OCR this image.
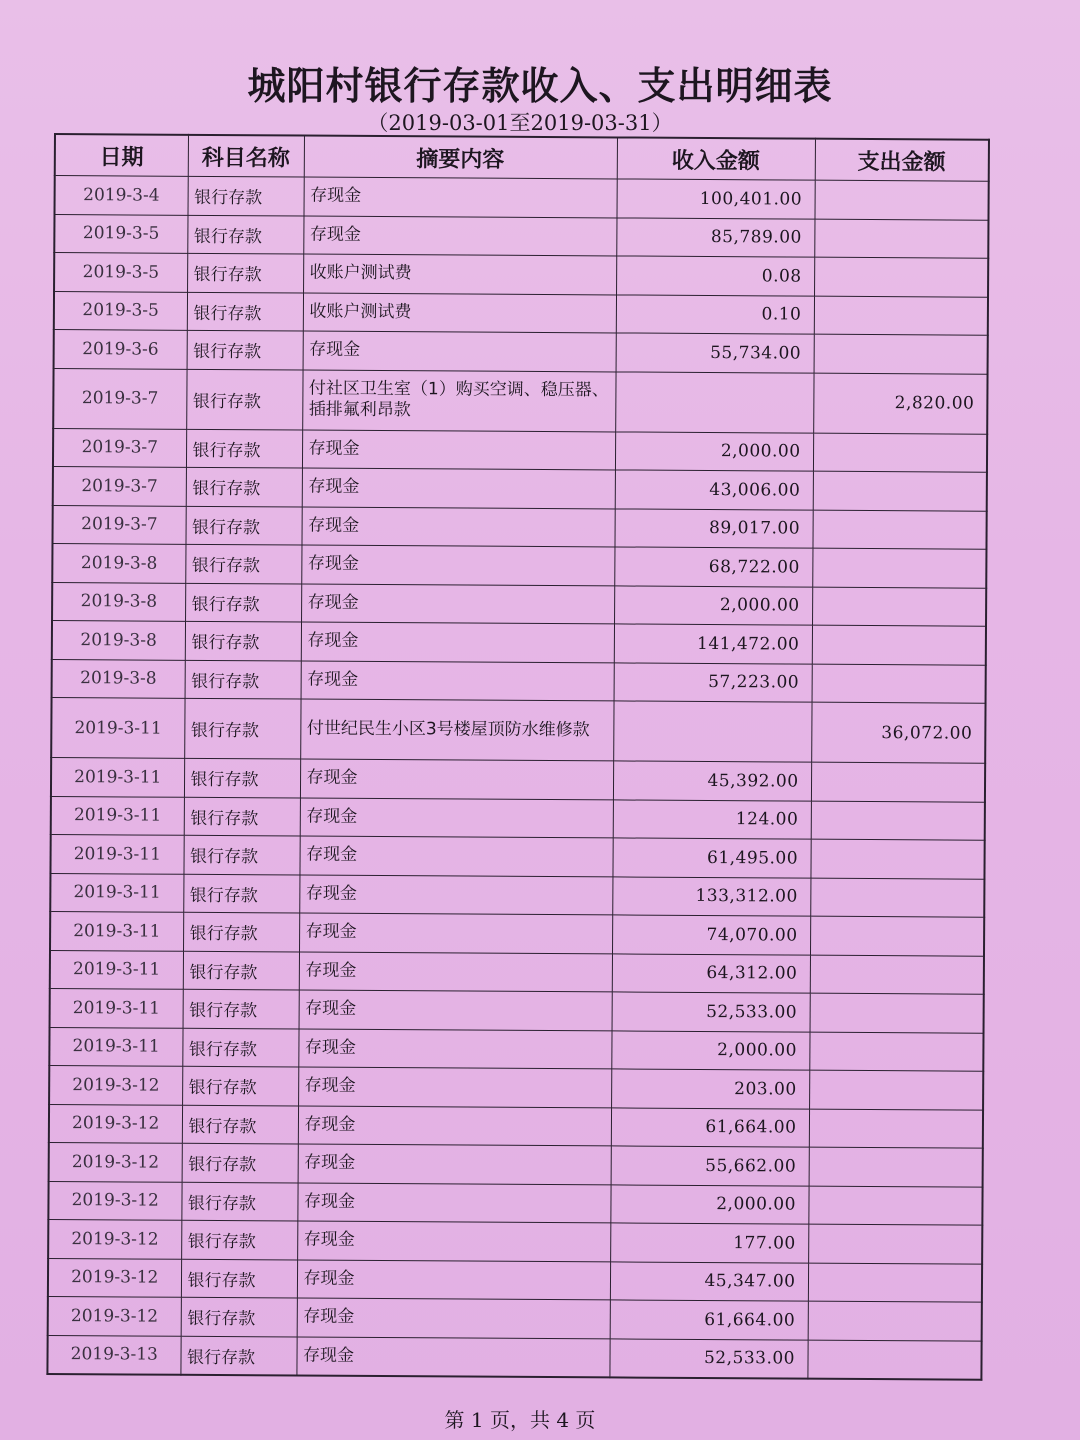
城阳村银行存款收入、支出明细表
（2019-03-01至2019-03-31）
日期	科目名称	摘要内容	收入金额	支出金额
2019-3-4	银行存款	存现金	100,401.00	
2019-3-5	银行存款	存现金	85,789.00	
2019-3-5	银行存款	收账户测试费	0.08	
2019-3-5	银行存款	收账户测试费	0.10	
2019-3-6	银行存款	存现金	55,734.00	
2019-3-7	银行存款	付社区卫生室（1）购买空调、稳压器、插排氟利昂款		2,820.00
2019-3-7	银行存款	存现金	2,000.00	
2019-3-7	银行存款	存现金	43,006.00	
2019-3-7	银行存款	存现金	89,017.00	
2019-3-8	银行存款	存现金	68,722.00	
2019-3-8	银行存款	存现金	2,000.00	
2019-3-8	银行存款	存现金	141,472.00	
2019-3-8	银行存款	存现金	57,223.00	
2019-3-11	银行存款	付世纪民生小区3号楼屋顶防水维修款		36,072.00
2019-3-11	银行存款	存现金	45,392.00	
2019-3-11	银行存款	存现金	124.00	
2019-3-11	银行存款	存现金	61,495.00	
2019-3-11	银行存款	存现金	133,312.00	
2019-3-11	银行存款	存现金	74,070.00	
2019-3-11	银行存款	存现金	64,312.00	
2019-3-11	银行存款	存现金	52,533.00	
2019-3-11	银行存款	存现金	2,000.00	
2019-3-12	银行存款	存现金	203.00	
2019-3-12	银行存款	存现金	61,664.00	
2019-3-12	银行存款	存现金	55,662.00	
2019-3-12	银行存款	存现金	2,000.00	
2019-3-12	银行存款	存现金	177.00	
2019-3-12	银行存款	存现金	45,347.00	
2019-3-12	银行存款	存现金	61,664.00	
2019-3-13	银行存款	存现金	52,533.00	
第 1 页，共 4 页
